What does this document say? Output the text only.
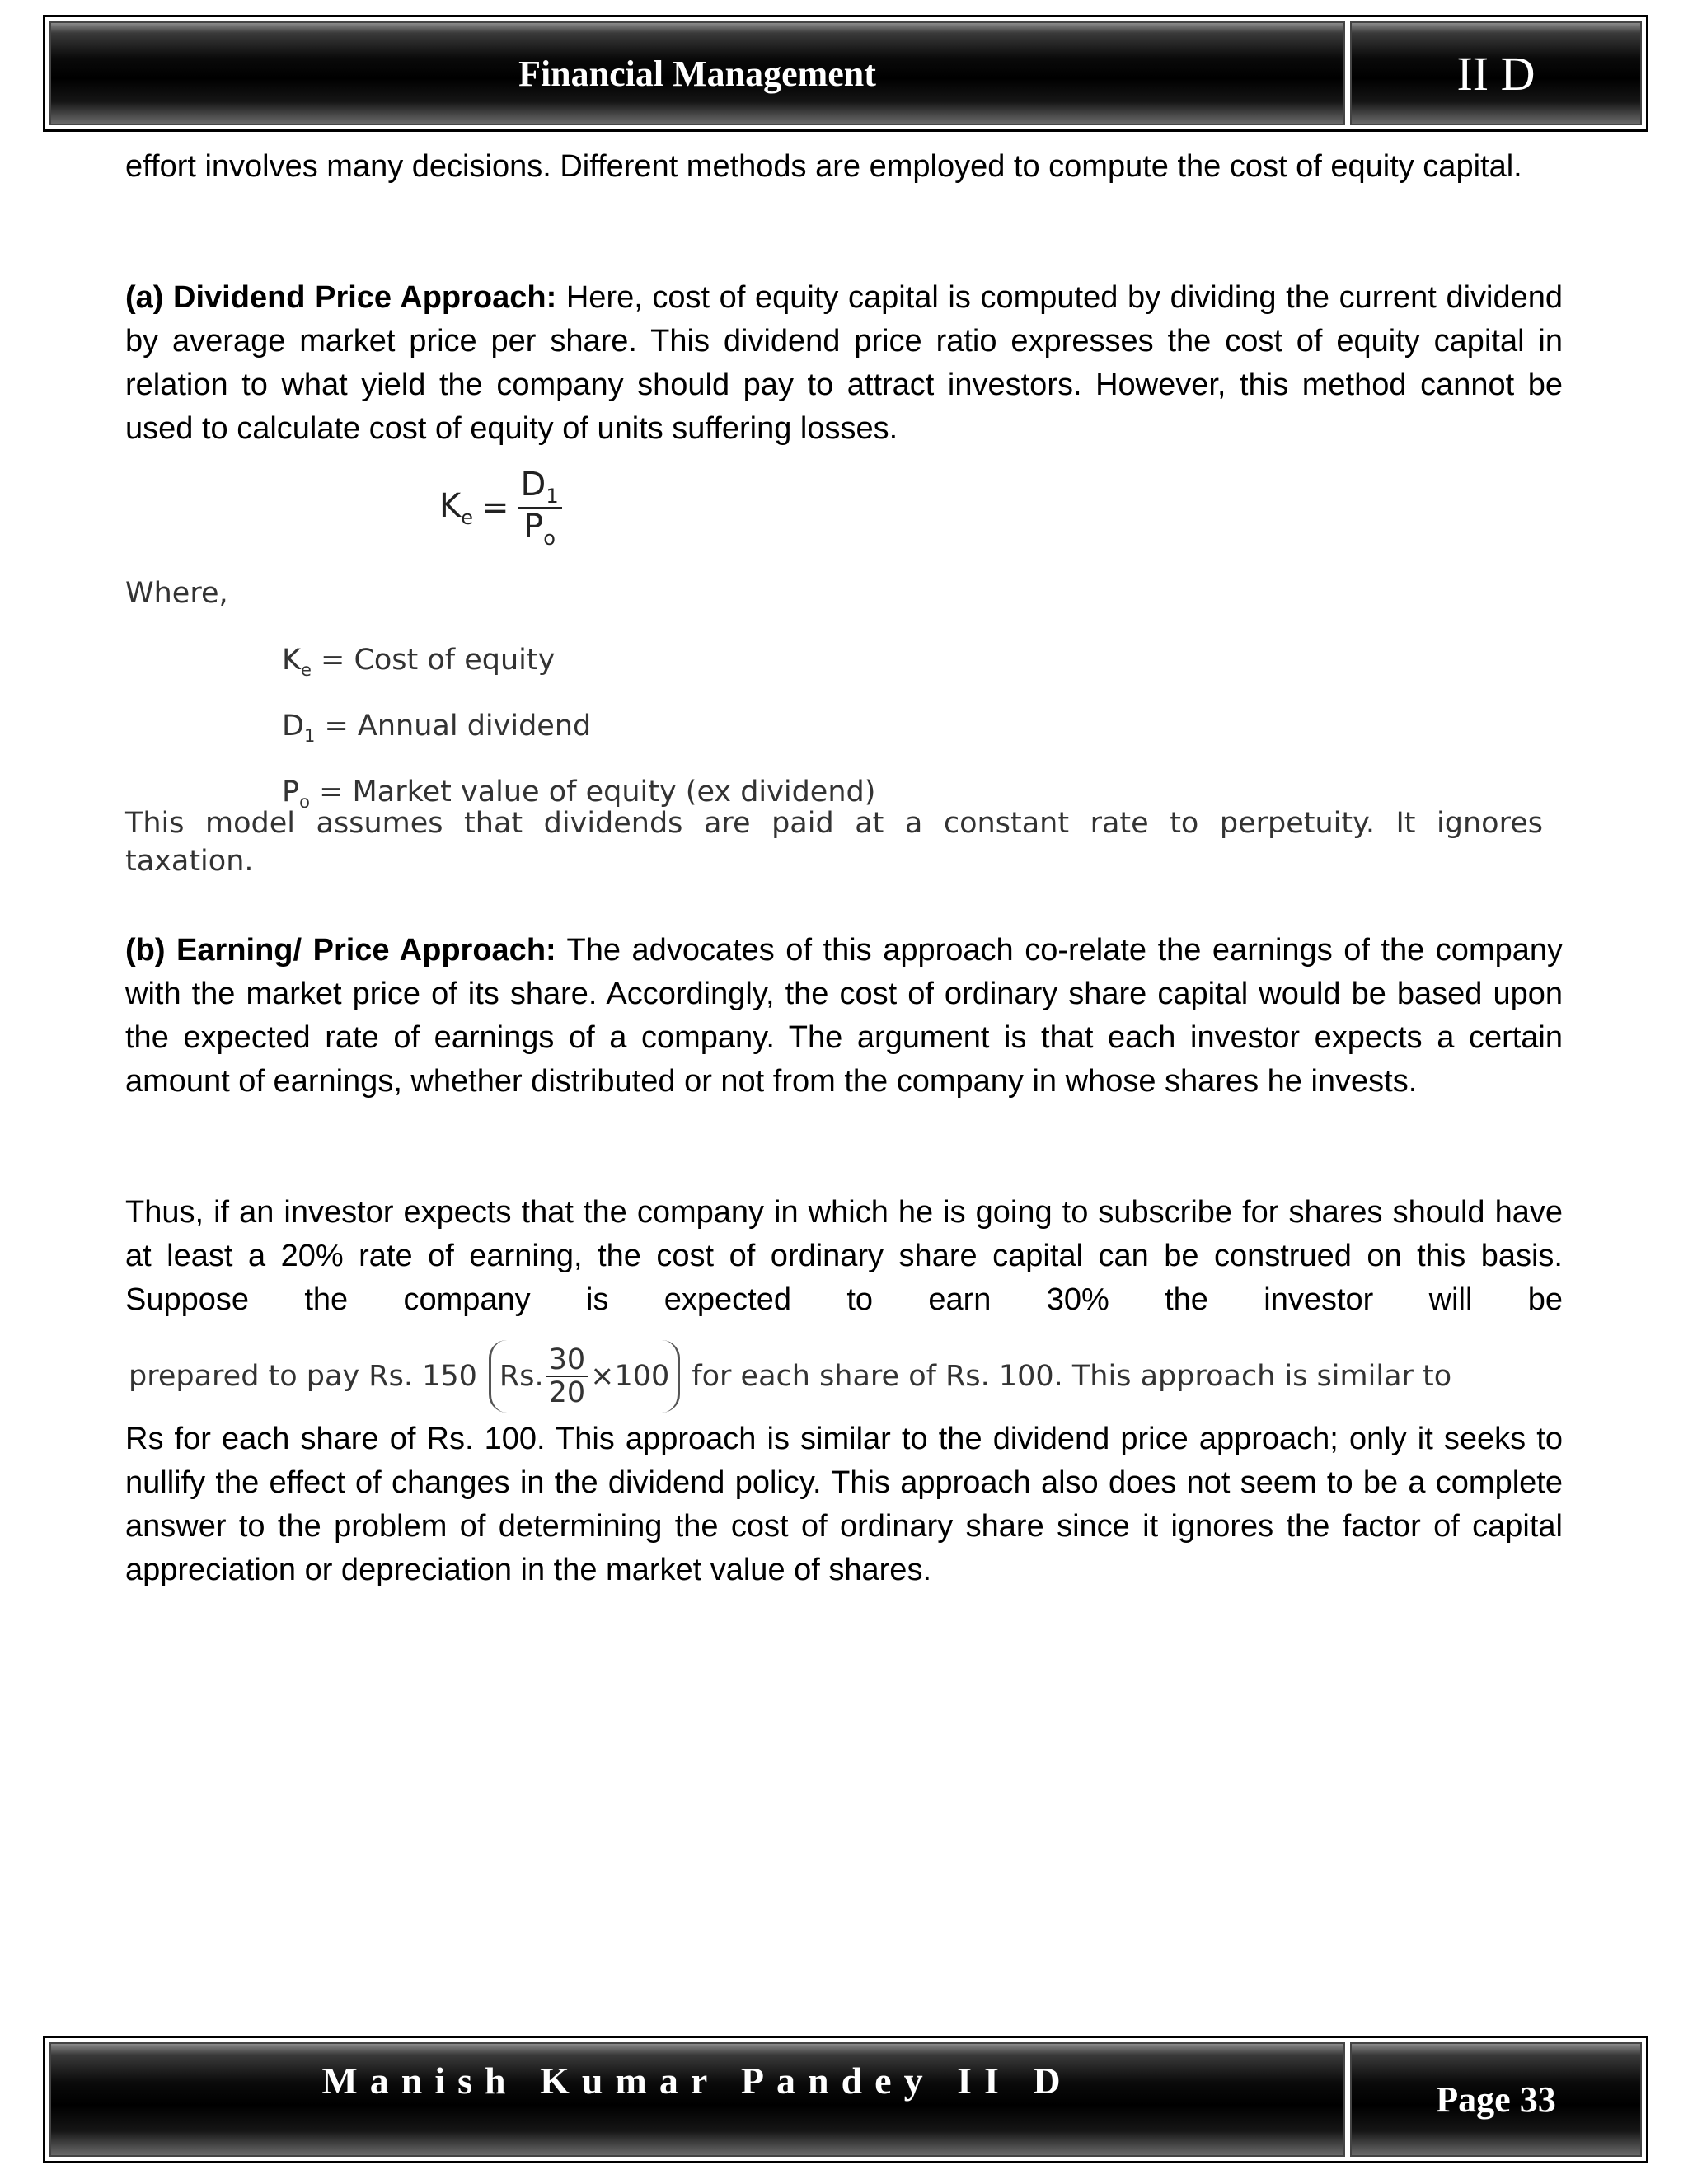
Financial Management	II D

effort involves many decisions. Different methods are employed to compute the cost of equity capital.

(a) Dividend Price Approach: Here, cost of equity capital is computed by dividing the current dividend by average market price per share. This dividend price ratio expresses the cost of equity capital in relation to what yield the company should pay to attract investors. However, this method cannot be used to calculate cost of equity of units suffering losses.

$K_e = \frac{D_1}{P_o}$
Where,
$K_e$ = Cost of equity
$D_1$ = Annual dividend
$P_o$ = Market value of equity (ex dividend)
This model assumes that dividends are paid at a constant rate to perpetuity. It ignores taxation.

(b) Earning/ Price Approach: The advocates of this approach co-relate the earnings of the company with the market price of its share. Accordingly, the cost of ordinary share capital would be based upon the expected rate of earnings of a company. The argument is that each investor expects a certain amount of earnings, whether distributed or not from the company in whose shares he invests.

Thus, if an investor expects that the company in which he is going to subscribe for shares should have at least a 20% rate of earning, the cost of ordinary share capital can be construed on this basis. Suppose the company is expected to earn 30% the investor will be

prepared to pay Rs. 150 Rs. $\frac{30}{20} \times 100$ for each share of Rs. 100. This approach is similar to

Rs for each share of Rs. 100. This approach is similar to the dividend price approach; only it seeks to nullify the effect of changes in the dividend policy. This approach also does not seem to be a complete answer to the problem of determining the cost of ordinary share since it ignores the factor of capital appreciation or depreciation in the market value of shares.

Manish Kumar Pandey II D	Page 33
